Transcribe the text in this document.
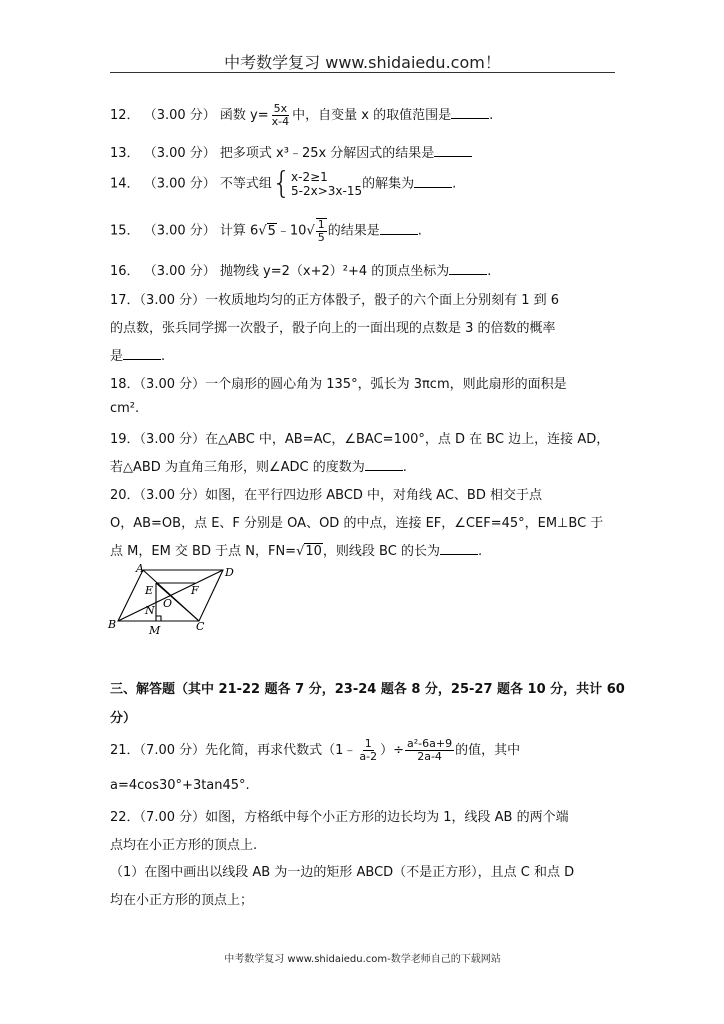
中考数学复习 www.shidaiedu.com！
12． （3.00 分） 函数 $y= \frac{5x}{x-4}$ 中，自变量 x 的取值范围是	.
13． （3.00 分） 把多项式 x³﹣25x 分解因式的结果是
14． （3.00 分） 不等式组{ x-2≥1
5-2x>3x-15 的解集为	.
15． （3.00 分） 计算 6√5﹣10√ $\frac{1}{5}$ 的结果是	.
16． （3.00 分） 抛物线 y=2（x+2）²+4 的顶点坐标为	.
17．（3.00 分）一枚质地均匀的正方体骰子，骰子的六个面上分别刻有 1 到 6
的点数，张兵同学掷一次骰子，骰子向上的一面出现的点数是 3 的倍数的概率
是	.
18．（3.00 分）一个扇形的圆心角为 135°，弧长为 3πcm，则此扇形的面积是
cm².
19．（3.00 分）在△ABC 中，AB=AC，∠BAC=100°，点 D 在 BC 边上，连接 AD，
若△ABD 为直角三角形，则∠ADC 的度数为	.
20．（3.00 分）如图，在平行四边形 ABCD 中，对角线 AC、BD 相交于点
O，AB=OB，点 E、F 分别是 OA、OD 的中点，连接 EF，∠CEF=45°，EM⊥BC 于
点 M，EM 交 BD 于点 N，FN=√10，则线段 BC 的长为	.
A	D
E	F
N
O
B	M	C
三、解答题（其中 21-22 题各 7 分，23-24 题各 8 分，25-27 题各 10 分，共计 60
分）
21．（7.00 分）先化简，再求代数式（1﹣ $\frac{1}{a-2}$ ）÷ $\frac{\text{a²-6a+9}}{2a-4}$ 的值，其中
a=4cos30°+3tan45°.
22．（7.00 分）如图，方格纸中每个小正方形的边长均为 1，线段 AB 的两个端
点均在小正方形的顶点上.
（1）在图中画出以线段 AB 为一边的矩形 ABCD（不是正方形），且点 C 和点 D
均在小正方形的顶点上；
中考数学复习 www.shidaiedu.com-数学老师自己的下载网站
